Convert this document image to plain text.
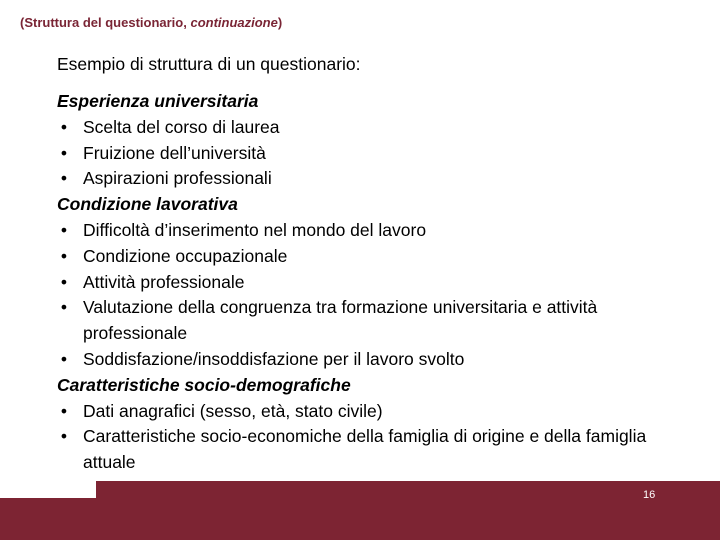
(Struttura del questionario, continuazione)
Esempio di struttura di un questionario:
Esperienza universitaria
• Scelta del corso di laurea
• Fruizione dell’università
• Aspirazioni professionali
Condizione lavorativa
• Difficoltà d’inserimento nel mondo del lavoro
• Condizione occupazionale
• Attività professionale
• Valutazione della congruenza tra formazione universitaria e attività professionale
• Soddisfazione/insoddisfazione per il lavoro svolto
Caratteristiche socio-demografiche
• Dati anagrafici (sesso, età, stato civile)
• Caratteristiche socio-economiche della famiglia di origine e della famiglia attuale
16
